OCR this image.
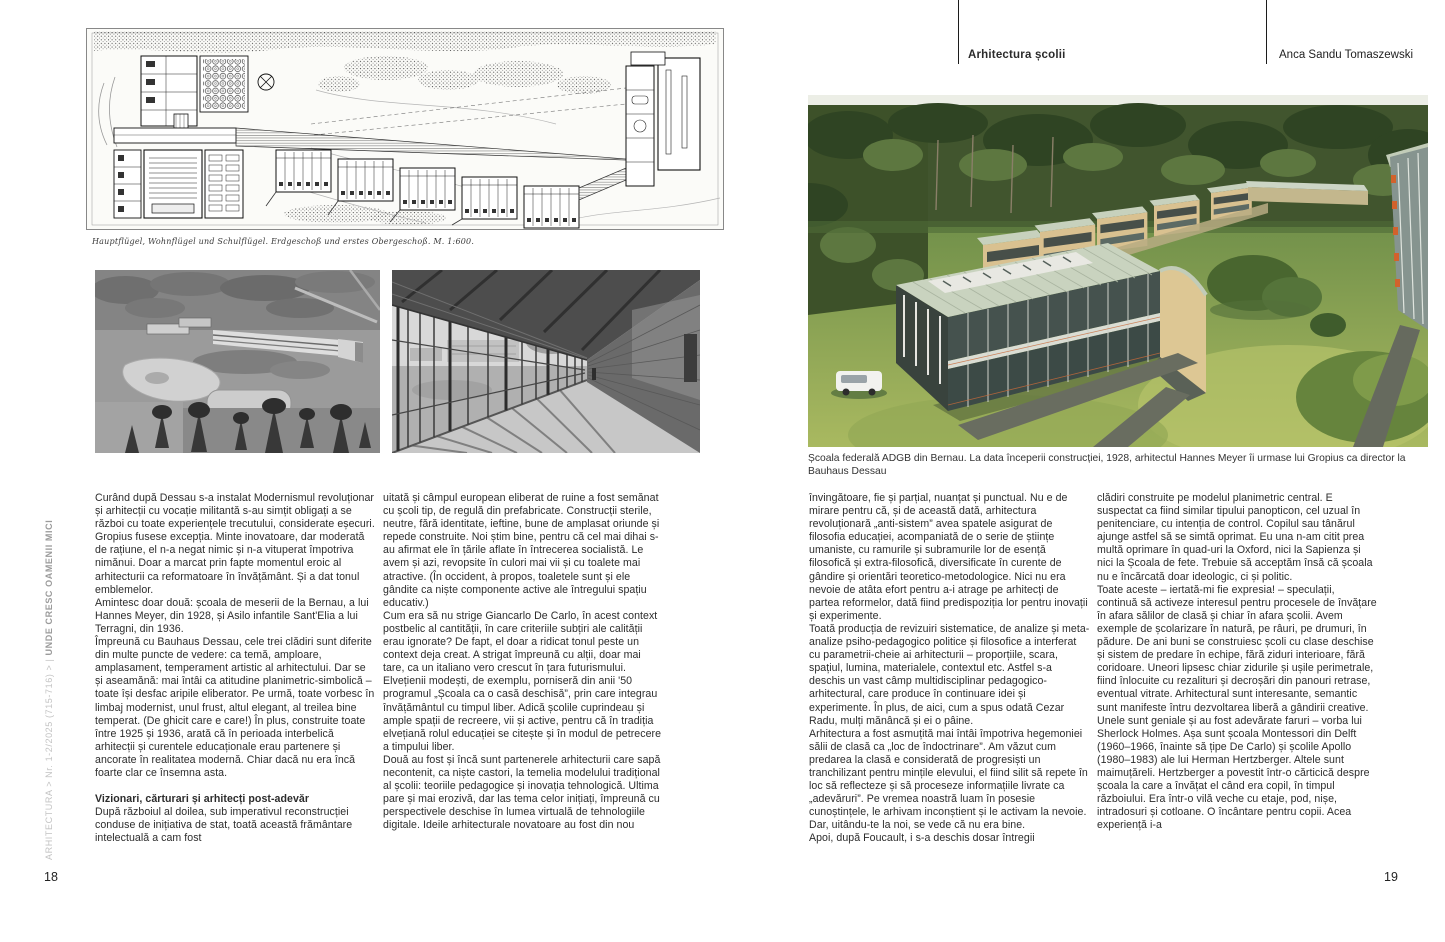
Arhitectura școlii	Anca Sandu Tomaszewski
Hauptflügel, Wohnflügel und Schulflügel. Erdgeschoß und erstes Obergeschoß. M. 1:600.
Școala federală ADGB din Bernau. La data începerii construcției, 1928, arhitectul Hannes Meyer îi urmase lui Gropius ca director la Bauhaus Dessau

Curând după Dessau s-a instalat Modernismul revoluționar și arhitecții cu vocație militantă s-au simțit obligați a se război cu toate experiențele trecutului, considerate eșecuri. Gropius fusese excepția. Minte inovatoare, dar moderată de rațiune, el n-a negat nimic și n-a vituperat împotriva nimănui. Doar a marcat prin fapte momentul eroic al arhitecturii ca reformatoare în învățământ. Și a dat tonul emblemelor.

Amintesc doar două: școala de meserii de la Bernau, a lui Hannes Meyer, din 1928, și Asilo infantile Sant'Elia a lui Terragni, din 1936.

Împreună cu Bauhaus Dessau, cele trei clădiri sunt diferite din multe puncte de vedere: ca temă, amploare, amplasament, temperament artistic al arhitectului. Dar se și aseamănă: mai întâi ca atitudine planimetric-simbolică – toate își desfac aripile eliberator. Pe urmă, toate vorbesc în limbaj modernist, unul frust, altul elegant, al treilea bine temperat. (De ghicit care e care!) În plus, construite toate între 1925 și 1936, arată că în perioada interbelică arhitecții și curentele educaționale erau partenere și ancorate în realitatea modernă. Chiar dacă nu era încă foarte clar ce însemna asta.

Vizionari, cărturari și arhitecți post-adevăr

După războiul al doilea, sub imperativul reconstrucției conduse de inițiativa de stat, toată această frământare intelectuală a cam fost

uitată și câmpul european eliberat de ruine a fost semănat cu școli tip, de regulă din prefabricate. Construcții sterile, neutre, fără identitate, ieftine, bune de amplasat oriunde și repede construite. Noi știm bine, pentru că cel mai dihai s-au afirmat ele în țările aflate în întrecerea socialistă. Le avem și azi, revopsite în culori mai vii și cu toalete mai atractive. (În occident, à propos, toaletele sunt și ele gândite ca niște componente active ale întregului spațiu educativ.)

Cum era să nu strige Giancarlo De Carlo, în acest context postbelic al cantității, în care criteriile subțiri ale calității erau ignorate? De fapt, el doar a ridicat tonul peste un context deja creat. A strigat împreună cu alții, doar mai tare, ca un italiano vero crescut în țara futurismului. Elvețienii modești, de exemplu, porniseră din anii '50 programul „Școala ca o casă deschisă”, prin care integrau învățământul cu timpul liber. Adică școlile cuprindeau și ample spații de recreere, vii și active, pentru că în tradiția elvețiană rolul educației se citește și în modul de petrecere a timpului liber.

Două au fost și încă sunt partenerele arhitecturii care sapă necontenit, ca niște castori, la temelia modelului tradițional al școlii: teoriile pedagogice și inovația tehnologică. Ultima pare și mai erozivă, dar las tema celor inițiați, împreună cu perspectivele deschise în lumea virtuală de tehnologiile digitale. Ideile arhitecturale novatoare au fost din nou

învingătoare, fie și parțial, nuanțat și punctual. Nu e de mirare pentru că, și de această dată, arhitectura revoluționară „anti-sistem” avea spatele asigurat de filosofia educației, acompaniată de o serie de științe umaniste, cu ramurile și subramurile lor de esență filosofică și extra-filosofică, diversificate în curente de gândire și orientări teoretico-metodologice. Nici nu era nevoie de atâta efort pentru a-i atrage pe arhitecți de partea reformelor, dată fiind predispoziția lor pentru inovații și experimente.

Toată producția de revizuiri sistematice, de analize și meta-analize psiho-pedagogico politice și filosofice a interferat cu parametrii-cheie ai arhitecturii – proporțiile, scara, spațiul, lumina, materialele, contextul etc. Astfel s-a deschis un vast câmp multidisciplinar pedagogico-arhitectural, care produce în continuare idei și experimente. În plus, de aici, cum a spus odată Cezar Radu, mulți mănâncă și ei o pâine.

Arhitectura a fost asmuțită mai întâi împotriva hegemoniei sălii de clasă ca „loc de îndoctrinare”. Am văzut cum predarea la clasă e considerată de progresiști un tranchilizant pentru mințile elevului, el fiind silit să repete în loc să reflecteze și să proceseze informațiile livrate ca „adevăruri”. Pe vremea noastră luam în posesie cunoștințele, le arhivam inconștient și le activam la nevoie. Dar, uitându-te la noi, se vede că nu era bine.

Apoi, după Foucault, i s-a deschis dosar întregii

clădiri construite pe modelul planimetric central. E suspectat ca fiind similar tipului panopticon, cel uzual în penitenciare, cu intenția de control. Copilul sau tânărul ajunge astfel să se simtă oprimat. Eu una n-am citit prea multă oprimare în quad-uri la Oxford, nici la Sapienza și nici la Școala de fete. Trebuie să acceptăm însă că școala nu e încărcată doar ideologic, ci și politic.

Toate aceste – iertată-mi fie expresia! – speculații, continuă să activeze interesul pentru procesele de învățare în afara sălilor de clasă și chiar în afara școlii. Avem exemple de școlarizare în natură, pe râuri, pe drumuri, în pădure. De ani buni se construiesc școli cu clase deschise și sistem de predare în echipe, fără ziduri interioare, fără coridoare. Uneori lipsesc chiar zidurile și ușile perimetrale, fiind înlocuite cu rezalituri și decroșări din panouri retrase, eventual vitrate. Arhitectural sunt interesante, semantic sunt manifeste întru dezvoltarea liberă a gândirii creative. Unele sunt geniale și au fost adevărate faruri – vorba lui Sherlock Holmes. Așa sunt școala Montessori din Delft (1960–1966, înainte să țipe De Carlo) și școlile Apollo (1980–1983) ale lui Herman Hertzberger. Altele sunt maimuțăreli. Hertzberger a povestit într-o cărticică despre școala la care a învățat el când era copil, în timpul războiului. Era într-o vilă veche cu etaje, pod, nișe, intradosuri și cotloane. O încântare pentru copii. Acea experiență i-a

ARHITECTURA > Nr. 1-2/2025 (715-716) > | UNDE CRESC OAMENII MICI
18	19
